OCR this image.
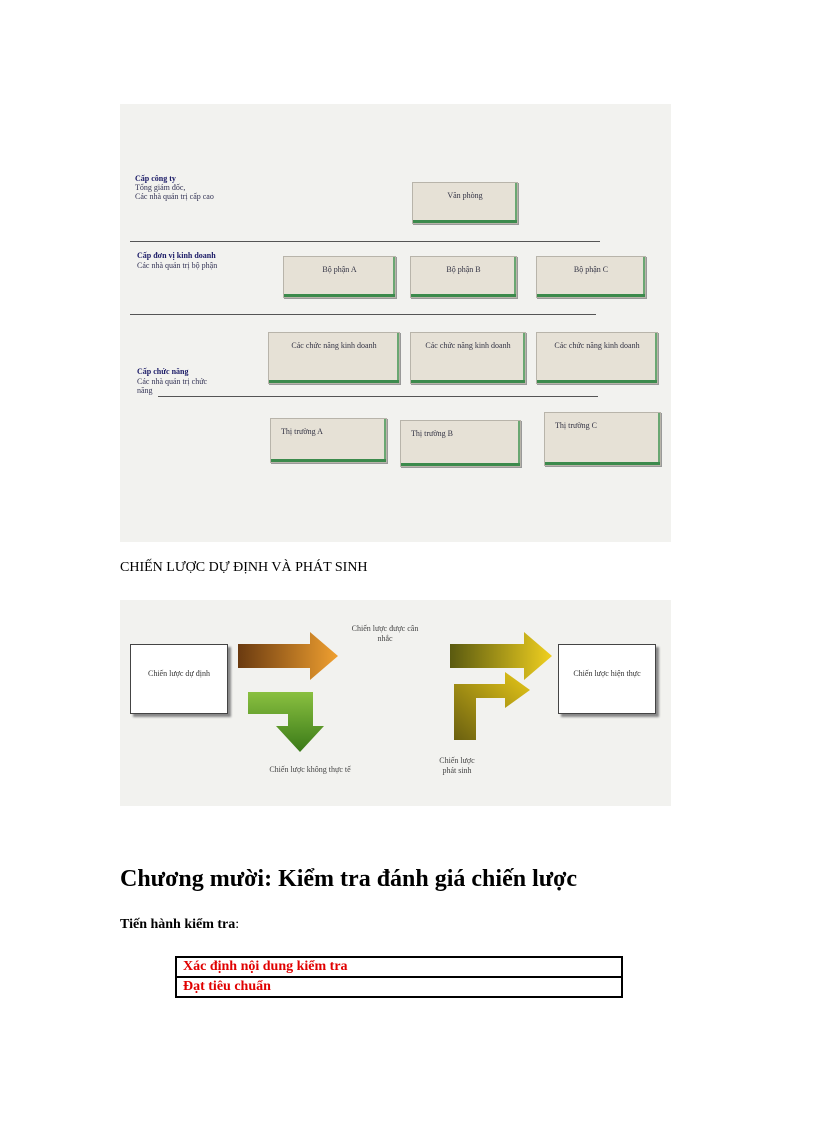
Cấp công ty
Tổng giám đốc,
Các nhà quản trị cấp cao	Văn phòng
Cấp đơn vị kinh doanh
Các nhà quản trị bộ phận	Bộ phận A	Bộ phận B	Bộ phận C
Các chức năng kinh doanh	Các chức năng kinh doanh	Các chức năng kinh doanh
Cấp chức năng
Các nhà quản trị chức
năng
Thị trường A	Thị trường B
Thị trường C
CHIẾN LƯỢC DỰ ĐỊNH VÀ PHÁT SINH
Chiến lược dự định	Chiến lược hiện thực
Chiến lược được cân nhắc
Chiến lược không thực tế
Chiến lược phát sinh
Chương mười: Kiểm tra đánh giá chiến lược
Tiến hành kiểm tra:
Xác định nội dung kiểm tra
Đạt tiêu chuẩn
